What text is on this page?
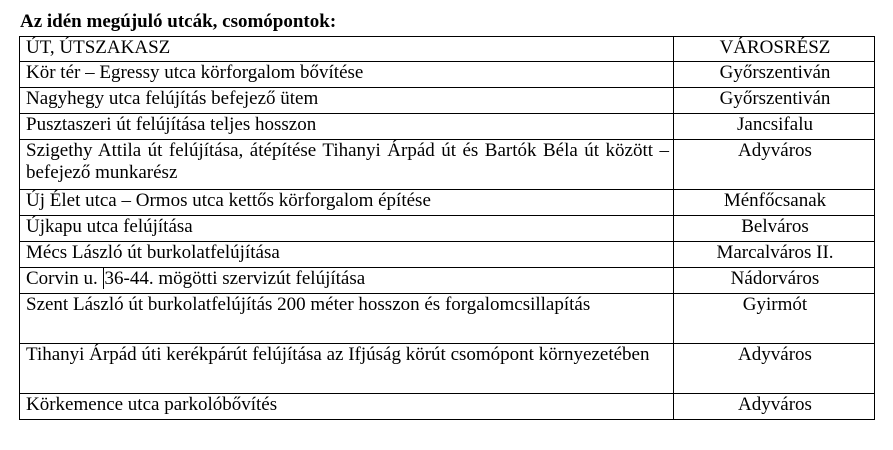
Az idén megújuló utcák, csomópontok:
ÚT, ÚTSZAKASZ	VÁROSRÉSZ
Kör tér – Egressy utca körforgalom bővítése	Győrszentiván
Nagyhegy utca felújítás befejező ütem	Győrszentiván
Pusztaszeri út felújítása teljes hosszon	Jancsifalu
Szigethy Attila út felújítása, átépítése Tihanyi Árpád út és Bartók Béla út között – befejező munkarész	Adyváros
Új Élet utca – Ormos utca kettős körforgalom építése	Ménfőcsanak
Újkapu utca felújítása	Belváros
Mécs László út burkolatfelújítása	Marcalváros II.
Corvin u. 36-44. mögötti szervizút felújítása	Nádorváros
Szent László út burkolatfelújítás 200 méter hosszon és forgalomcsillapítás	Gyirmót
Tihanyi Árpád úti kerékpárút felújítása az Ifjúság körút csomópont környezetében	Adyváros
Körkemence utca parkolóbővítés	Adyváros
